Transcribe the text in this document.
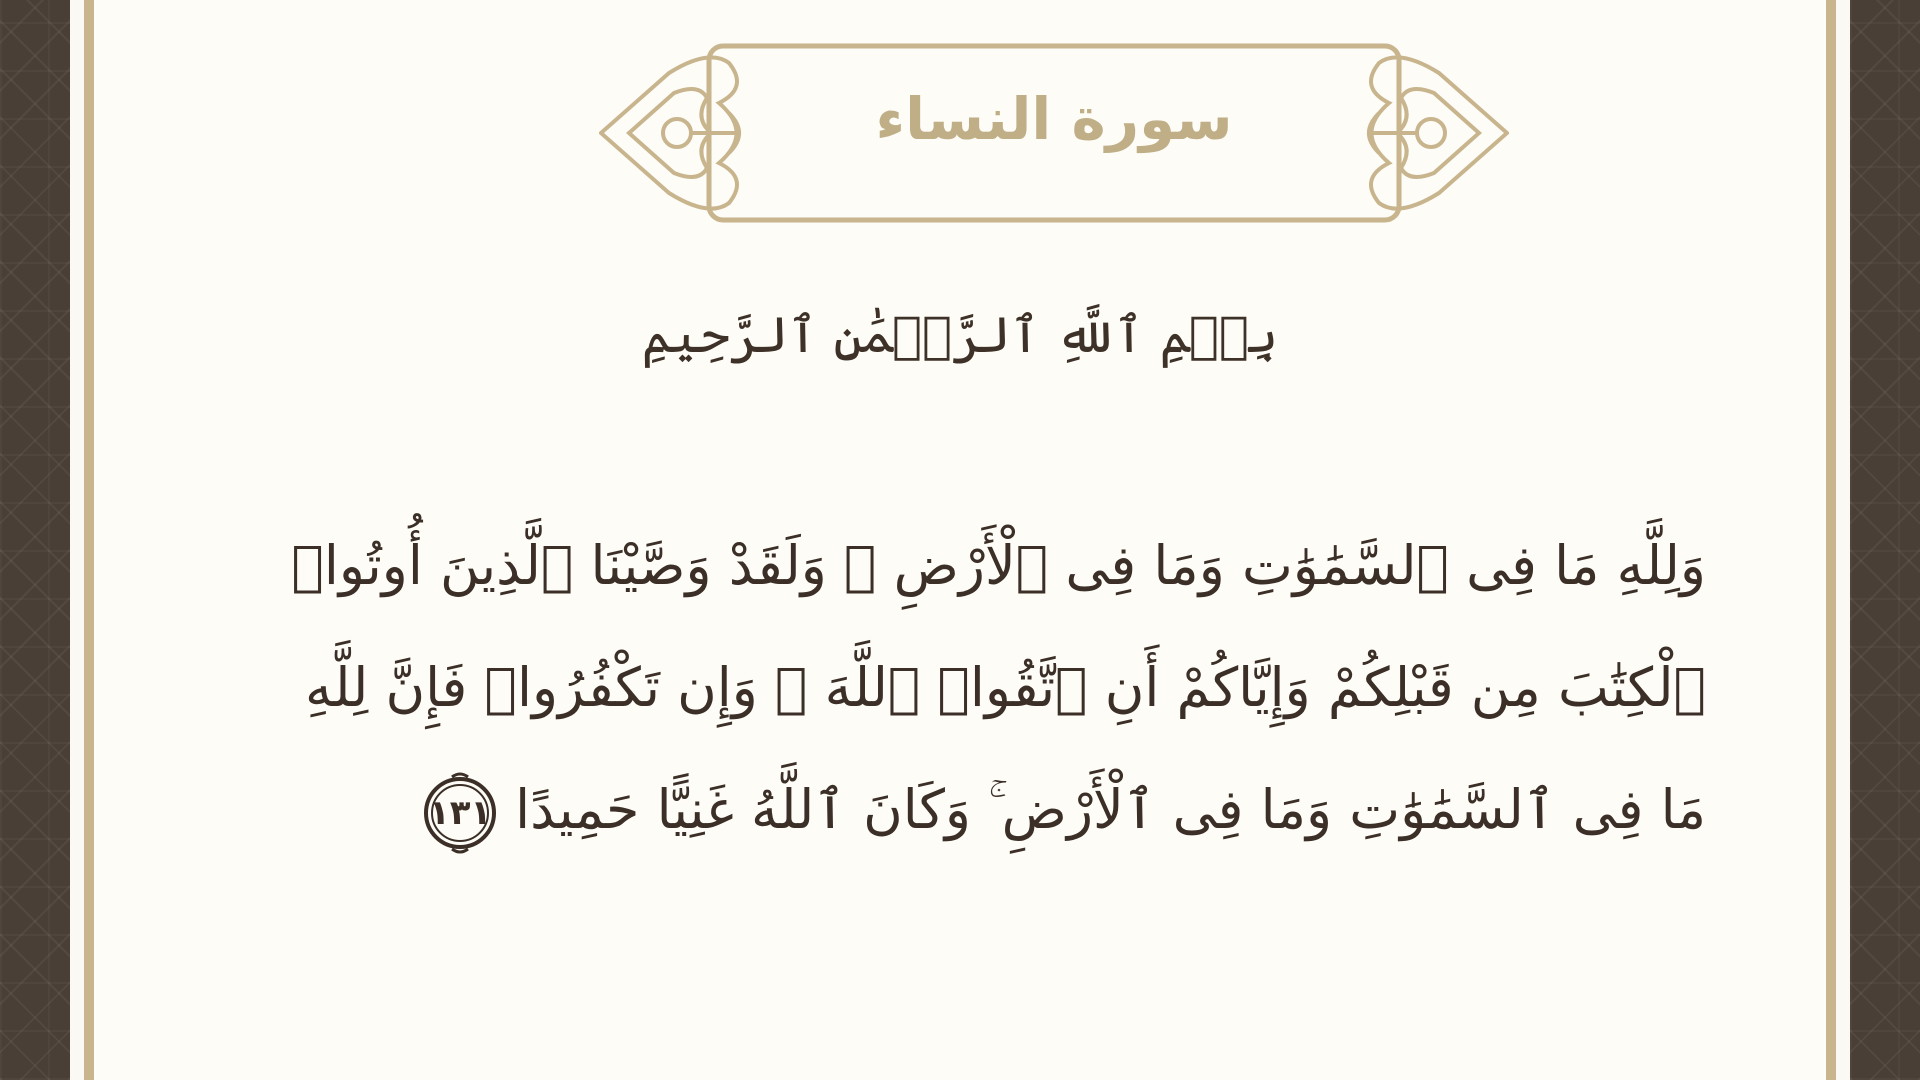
سورة النساء
بِسۡمِ ٱللَّهِ ٱلرَّحۡمَٰنِ ٱلرَّحِيمِ
وَلِلَّهِ مَا فِى ٱلسَّمَٰوَٰتِ وَمَا فِى ٱلْأَرْضِ ۗ وَلَقَدْ وَصَّيْنَا ٱلَّذِينَ أُوتُوا۟
ٱلْكِتَٰبَ مِن قَبْلِكُمْ وَإِيَّاكُمْ أَنِ ٱتَّقُوا۟ ٱللَّهَ ۚ وَإِن تَكْفُرُوا۟ فَإِنَّ لِلَّهِ
مَا فِى ٱلسَّمَٰوَٰتِ وَمَا فِى ٱلْأَرْضِ ۚ وَكَانَ ٱللَّهُ غَنِيًّا حَمِيدًا
١٣١
